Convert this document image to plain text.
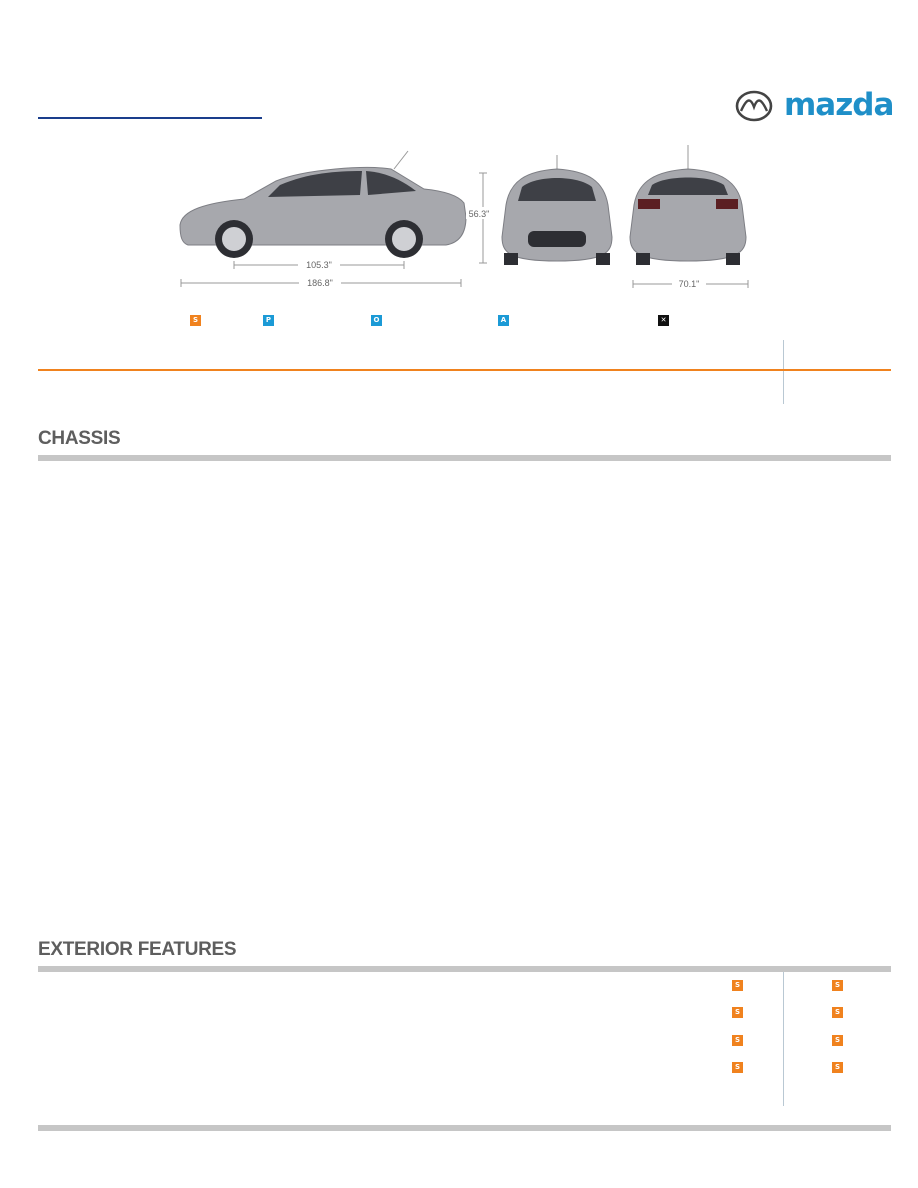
mazda
105.3"
186.8"
56.3"
70.1"
S	P	O	A	✕
CHASSIS
EXTERIOR FEATURES
S	S
S	S
S	S
S	S
